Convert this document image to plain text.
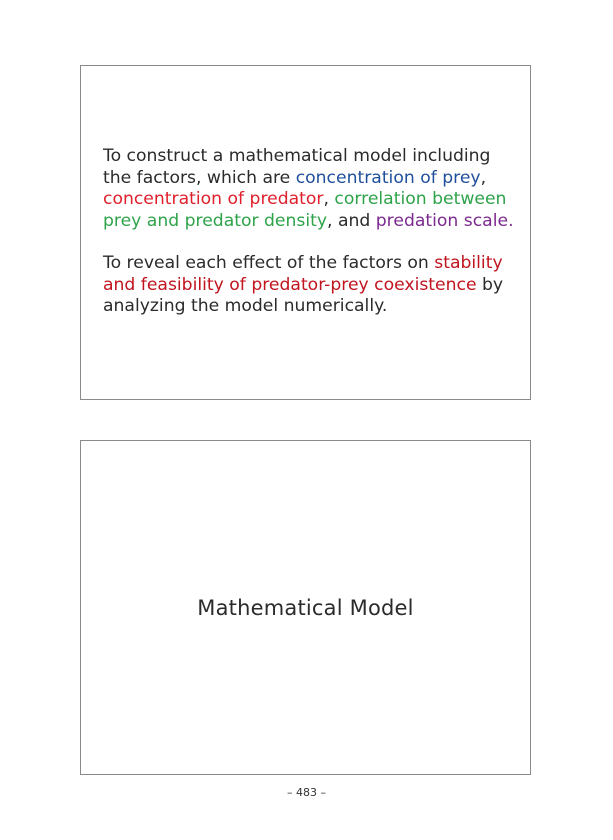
To construct a mathematical model including the factors, which are concentration of prey, concentration of predator, correlation between prey and predator density, and predation scale.

To reveal each effect of the factors on stability and feasibility of predator-prey coexistence by analyzing the model numerically.

Mathematical Model
– 483 –
